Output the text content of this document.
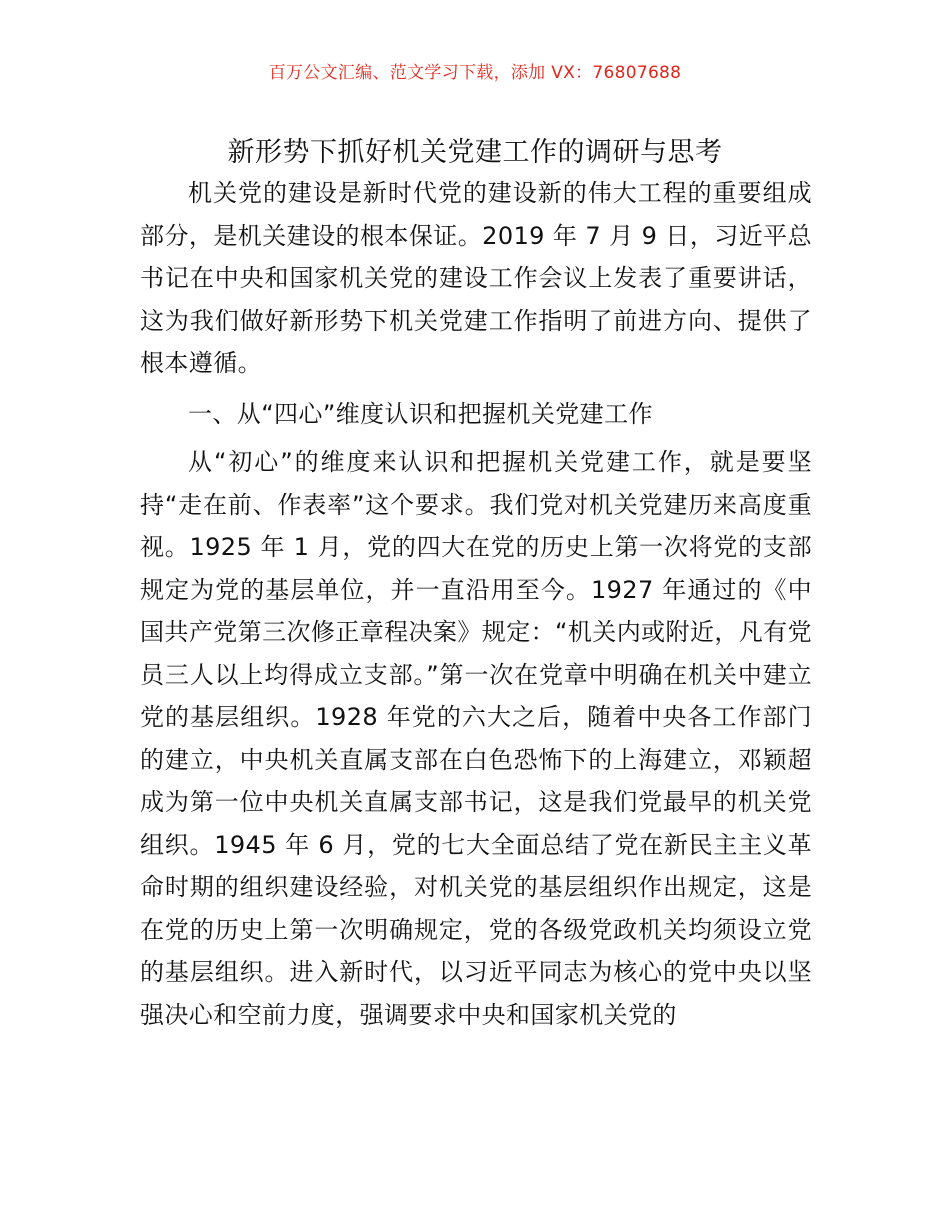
百万公文汇编、范文学习下载，添加 VX：76807688
新形势下抓好机关党建工作的调研与思考

机关党的建设是新时代党的建设新的伟大工程的重要组成部分，是机关建设的根本保证。2019 年 7 月 9 日，习近平总书记在中央和国家机关党的建设工作会议上发表了重要讲话，这为我们做好新形势下机关党建工作指明了前进方向、提供了根本遵循。

一、从“四心”维度认识和把握机关党建工作

从“初心”的维度来认识和把握机关党建工作，就是要坚持“走在前、作表率”这个要求。我们党对机关党建历来高度重视。1925 年 1 月，党的四大在党的历史上第一次将党的支部规定为党的基层单位，并一直沿用至今。1927 年通过的《中国共产党第三次修正章程决案》规定：“机关内或附近，凡有党员三人以上均得成立支部。”第一次在党章中明确在机关中建立党的基层组织。1928 年党的六大之后，随着中央各工作部门的建立，中央机关直属支部在白色恐怖下的上海建立，邓颖超成为第一位中央机关直属支部书记，这是我们党最早的机关党组织。1945 年 6 月，党的七大全面总结了党在新民主主义革命时期的组织建设经验，对机关党的基层组织作出规定，这是在党的历史上第一次明确规定，党的各级党政机关均须设立党的基层组织。进入新时代，以习近平同志为核心的党中央以坚强决心和空前力度，强调要求中央和国家机关党的
